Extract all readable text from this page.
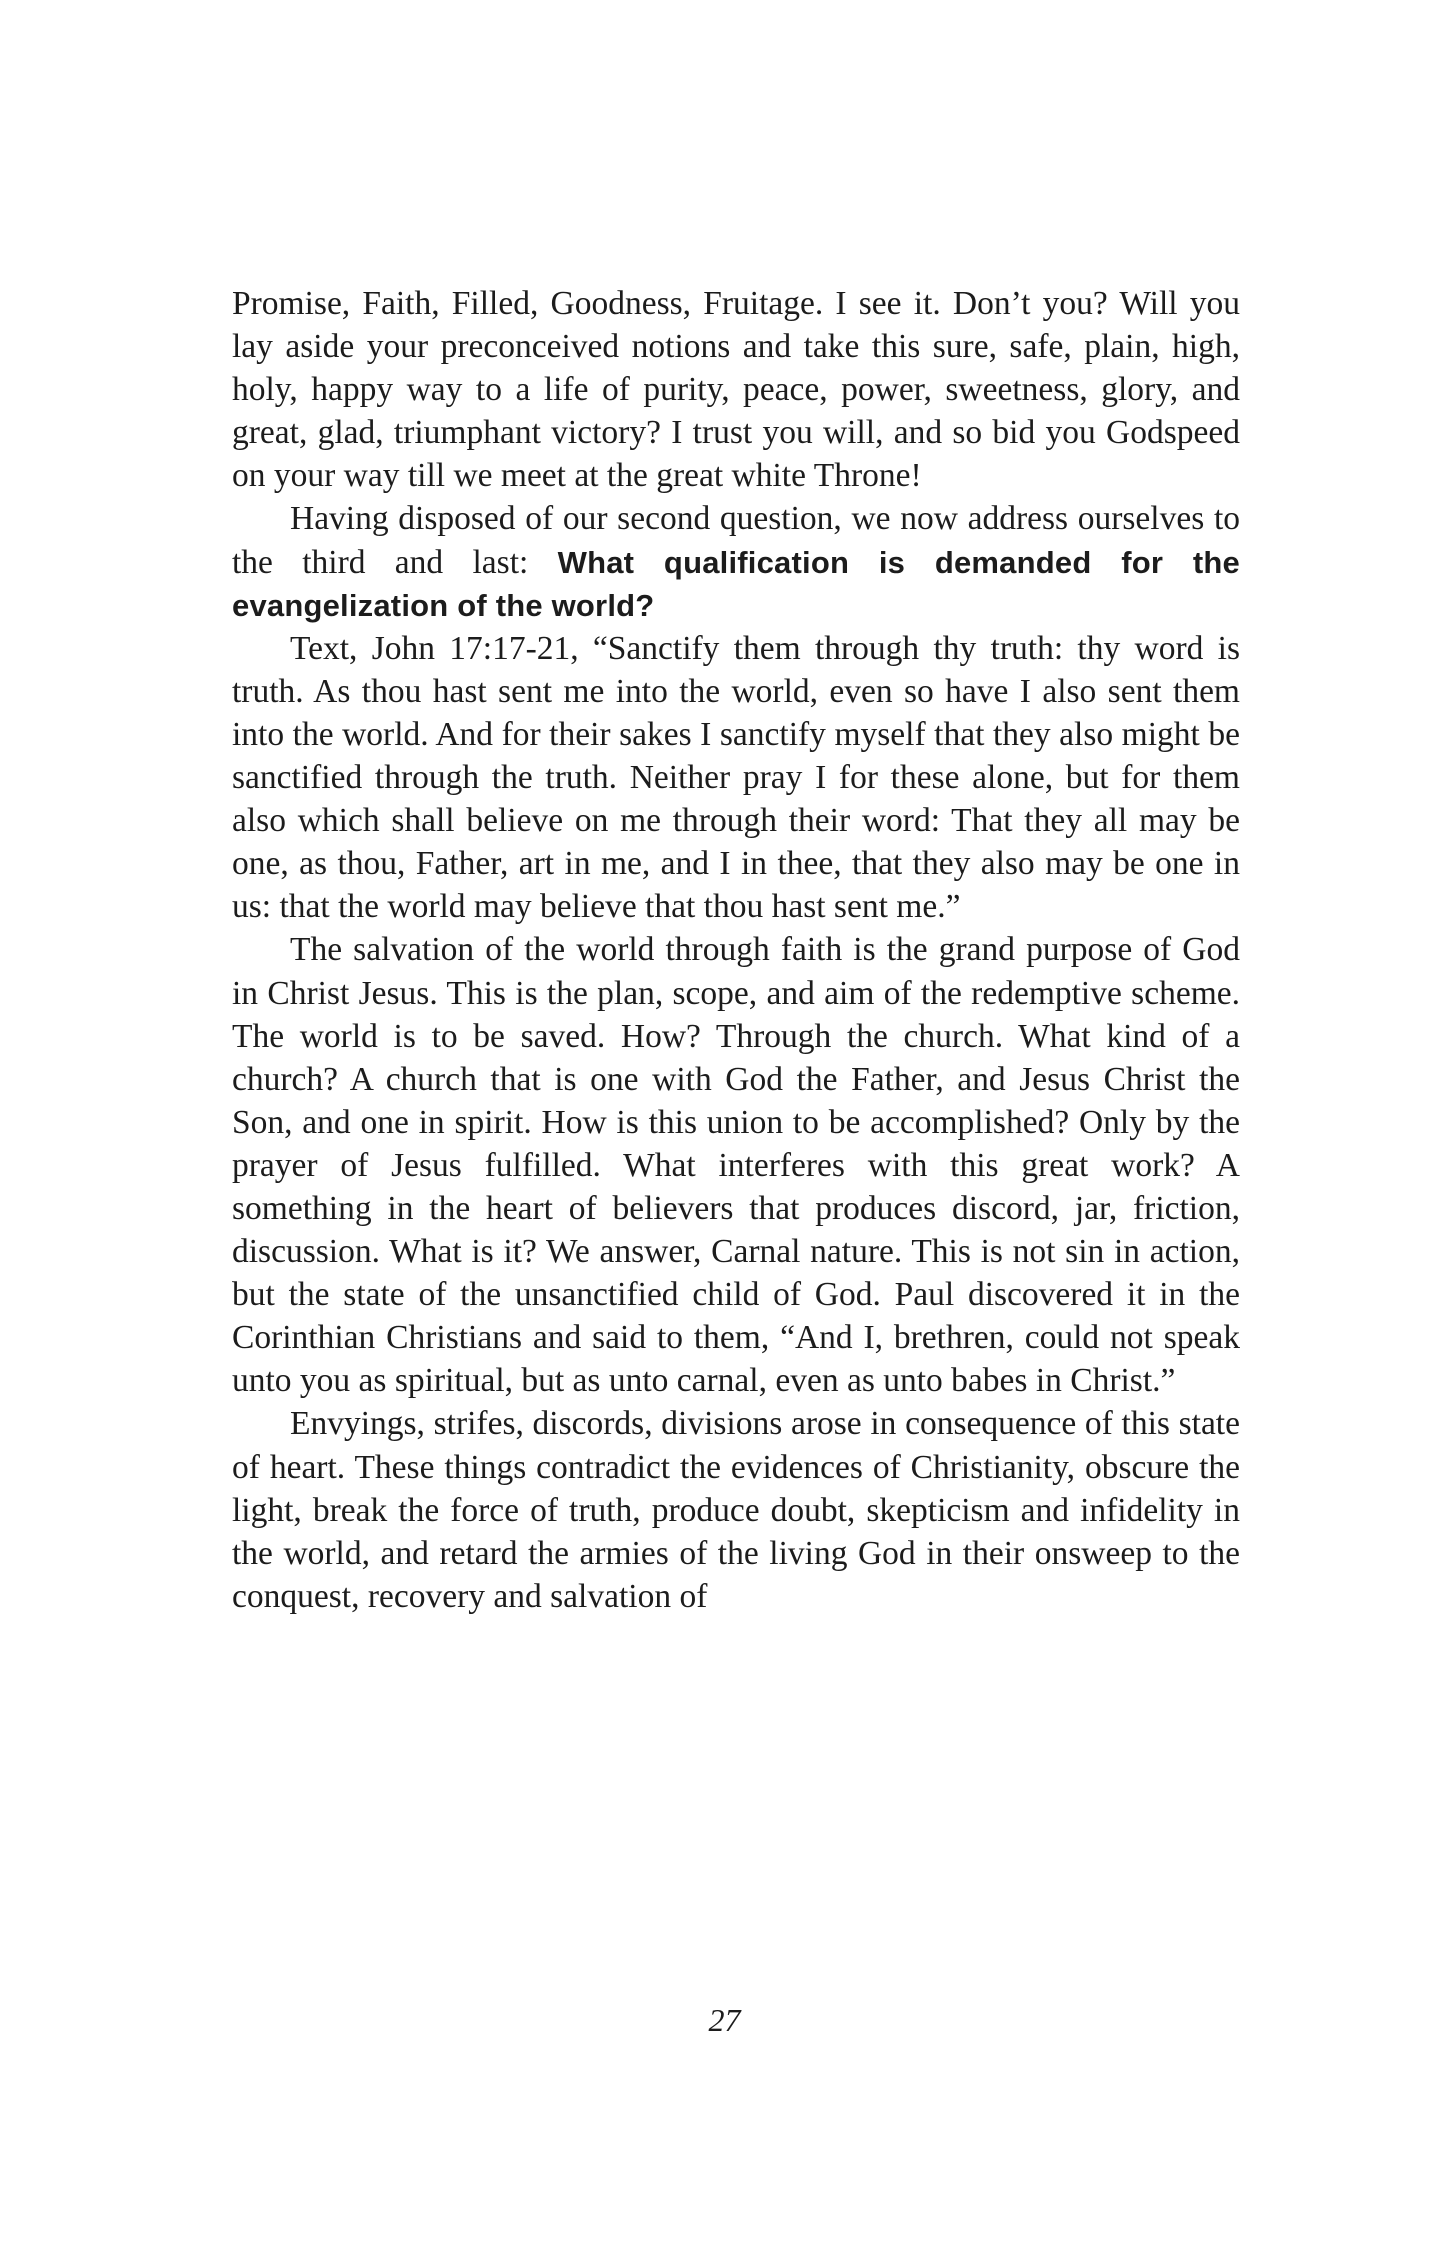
Promise, Faith, Filled, Goodness, Fruitage. I see it. Don’t you? Will you lay aside your preconceived notions and take this sure, safe, plain, high, holy, happy way to a life of purity, peace, power, sweetness, glory, and great, glad, triumphant victory? I trust you will, and so bid you Godspeed on your way till we meet at the great white Throne!

Having disposed of our second question, we now address ourselves to the third and last: What qualification is demanded for the evangelization of the world?

Text, John 17:17-21, “Sanctify them through thy truth: thy word is truth. As thou hast sent me into the world, even so have I also sent them into the world. And for their sakes I sanctify myself that they also might be sanctified through the truth. Neither pray I for these alone, but for them also which shall believe on me through their word: That they all may be one, as thou, Father, art in me, and I in thee, that they also may be one in us: that the world may believe that thou hast sent me.”

The salvation of the world through faith is the grand purpose of God in Christ Jesus. This is the plan, scope, and aim of the redemptive scheme. The world is to be saved. How? Through the church. What kind of a church? A church that is one with God the Father, and Jesus Christ the Son, and one in spirit. How is this union to be accomplished? Only by the prayer of Jesus fulfilled. What interferes with this great work? A something in the heart of believers that produces discord, jar, friction, discussion. What is it? We answer, Carnal nature. This is not sin in action, but the state of the unsanctified child of God. Paul discovered it in the Corinthian Christians and said to them, “And I, brethren, could not speak unto you as spiritual, but as unto carnal, even as unto babes in Christ.”

Envyings, strifes, discords, divisions arose in consequence of this state of heart. These things contradict the evidences of Christianity, obscure the light, break the force of truth, produce doubt, skepticism and infidelity in the world, and retard the armies of the living God in their onsweep to the conquest, recovery and salvation of

27
